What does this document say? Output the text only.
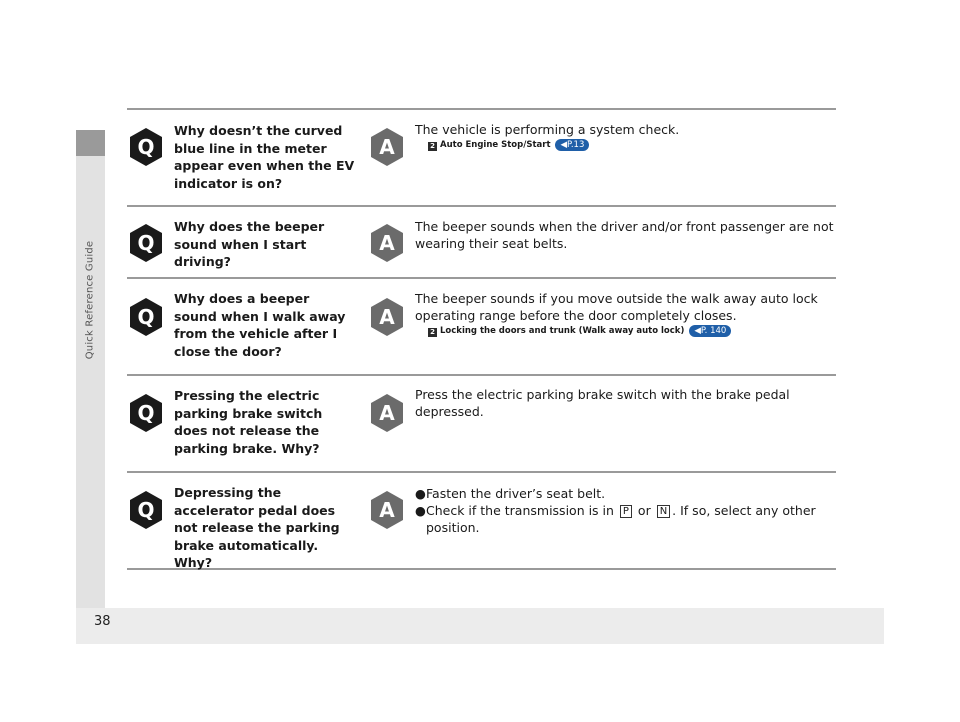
Quick Reference Guide
38
Q
Why doesn’t the curved blue line in the meter appear even when the EV indicator is on?
A
The vehicle is performing a system check.
2 Auto Engine Stop/Start ◀P.13
Q
Why does the beeper sound when I start driving?
A
The beeper sounds when the driver and/or front passenger are not wearing their seat belts.
Q
Why does a beeper sound when I walk away from the vehicle after I close the door?
A
The beeper sounds if you move outside the walk away auto lock operating range before the door completely closes.
2 Locking the doors and trunk (Walk away auto lock) ◀P. 140
Q
Pressing the electric parking brake switch does not release the parking brake. Why?
A
Press the electric parking brake switch with the brake pedal depressed.
Q
Depressing the accelerator pedal does not release the parking brake automatically. Why?
A
● Fasten the driver’s seat belt.
● Check if the transmission is in P or N . If so, select any other position.
